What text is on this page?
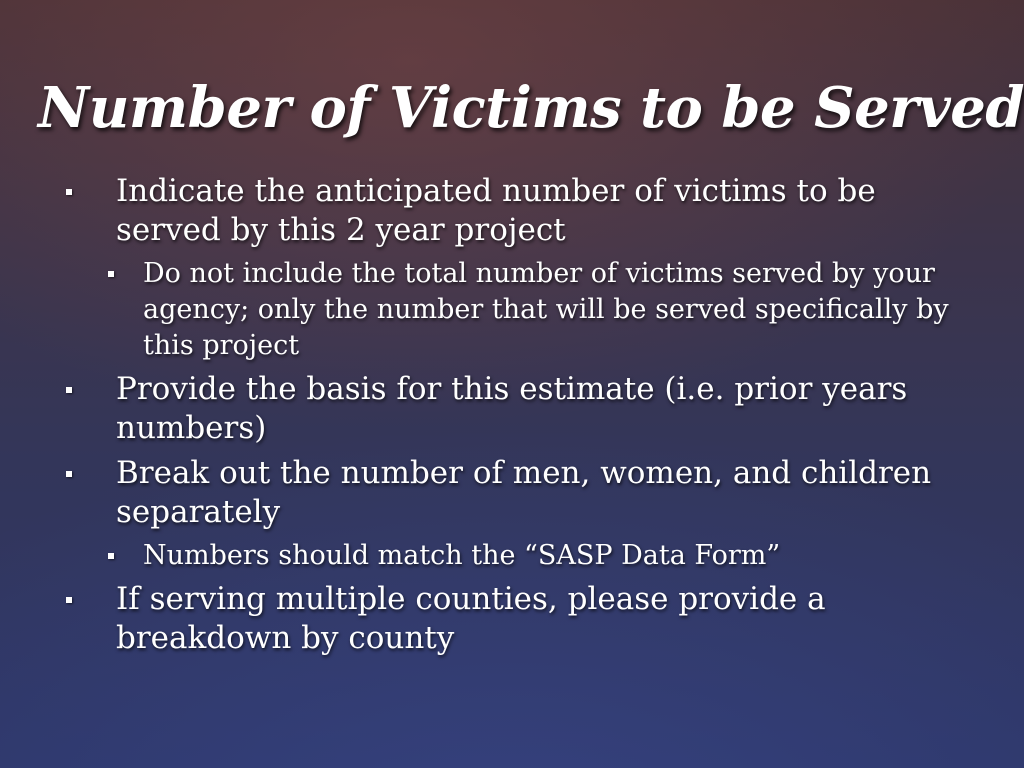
Number of Victims to be Served
Indicate the anticipated number of victims to be served by this 2 year project
Do not include the total number of victims served by your agency; only the number that will be served specifically by this project
Provide the basis for this estimate (i.e. prior years numbers)
Break out the number of men, women, and children separately
Numbers should match the “SASP Data Form”
If serving multiple counties, please provide a breakdown by county
